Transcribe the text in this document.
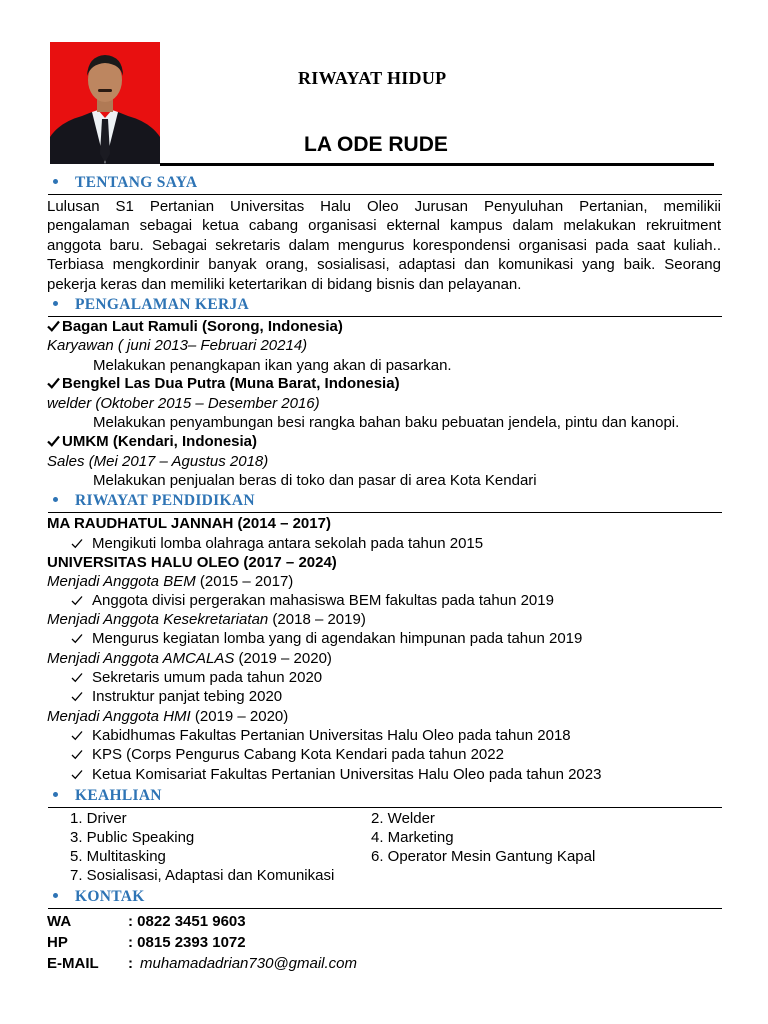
RIWAYAT HIDUP
LA ODE RUDE
TENTANG SAYA
Lulusan S1 Pertanian Universitas Halu Oleo Jurusan Penyuluhan Pertanian, memilikii
pengalaman sebagai ketua cabang organisasi ekternal kampus dalam melakukan rekruitment
anggota baru. Sebagai sekretaris dalam mengurus korespondensi organisasi pada saat kuliah..
Terbiasa mengkordinir banyak orang, sosialisasi, adaptasi dan komunikasi yang baik. Seorang
pekerja keras dan memiliki ketertarikan di bidang bisnis dan pelayanan.
PENGALAMAN KERJA
Bagan Laut Ramuli (Sorong, Indonesia)
Karyawan ( juni 2013– Februari 20214)
Melakukan penangkapan ikan yang akan di pasarkan.
Bengkel Las Dua Putra (Muna Barat, Indonesia)
welder (Oktober 2015 – Desember 2016)
Melakukan penyambungan besi rangka bahan baku pebuatan jendela, pintu dan kanopi.
UMKM (Kendari, Indonesia)
Sales (Mei 2017 – Agustus 2018)
Melakukan penjualan beras di toko dan pasar di area Kota Kendari
RIWAYAT PENDIDIKAN
MA RAUDHATUL JANNAH (2014 – 2017)
Mengikuti lomba olahraga antara sekolah pada tahun 2015
UNIVERSITAS HALU OLEO (2017 – 2024)
Menjadi Anggota BEM (2015 – 2017)
Anggota divisi pergerakan mahasiswa BEM fakultas pada tahun 2019
Menjadi Anggota Kesekretariatan (2018 – 2019)
Mengurus kegiatan lomba yang di agendakan himpunan pada tahun 2019
Menjadi Anggota AMCALAS (2019 – 2020)
Sekretaris umum pada tahun 2020
Instruktur panjat tebing 2020
Menjadi Anggota HMI (2019 – 2020)
Kabidhumas Fakultas Pertanian Universitas Halu Oleo pada tahun 2018
KPS (Corps Pengurus Cabang Kota Kendari pada tahun 2022
Ketua Komisariat Fakultas Pertanian Universitas Halu Oleo pada tahun 2023
KEAHLIAN
1. Driver
3. Public Speaking
5. Multitasking
7. Sosialisasi, Adaptasi dan Komunikasi
2. Welder
4. Marketing
6. Operator Mesin Gantung Kapal
KONTAK
WA	: 0822 3451 9603
HP	: 0815 2393 1072
E-MAIL : muhamadadrian730@gmail.com
